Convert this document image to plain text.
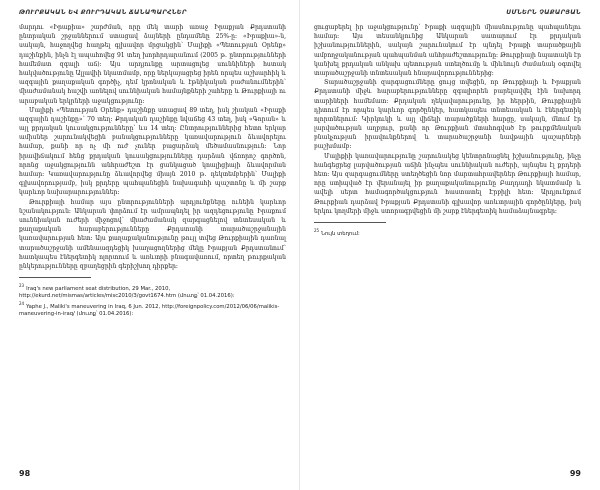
ԹՈՒՐՔԱԿԱՆ ԵՎ ՔՈՒՐԴԱԿԱՆ ՃԱՆԱՊԱՐՀՆԵՐ

մարդու «Իրաքիա» շարժման, որը մեկ տարի առաջ Իրաքյան Քրդստանի ընտրական շրջաններում ստացավ ձայների ընդամենը 25%-ը: «Իրաքիա»-ն, սակայն, հաջողվեց հաղթել գլխավոր մրցակցին՝ Մալիքի «Պետության Օրենք» դաշինքին, ինչն էլ ապահովեց 91 տեղ խորհրդարանում (2005 թ. ընտրությունների համեմատ զգալի աճ): Այս արդյունքը արտացոլեց սուննիների հստակ հակվածությունը Ալլավիի նկատմամբ, որը ներկայացրեց իրեն որպես աշխարհիկ և ազգային քաղաքական գործիչ, դեմ կրոնական և էթնիկական բաժանումներին՝ միաժամանակ հաշվի առնելով սուննիական համայնքների շահերը և Թուրքիայի ու արաբական երկրների աջակցությունը:

Մալիքի «Պետության Օրենք» դաշինքը ստացավ 89 տեղ, իսկ շիական «Իրաքի ազգային դաշինքը»՝ 70 տեղ: Քրդական դաշինքը նվաճեց 43 տեղ, իսկ «Գորան» և այլ քրդական կուսակցությունները՝ ևս 14 տեղ: Ընտրություններից հետո երկար ամիսներ շարունակվեցին բանակցությունները կառավարություն ձևավորելու համար, քանի որ ոչ մի ուժ չուներ բացարձակ մեծամասնություն: Նոր իրավիճակում հենց քրդական կուսակցությունները դարձան վճռորոշ գործոն, որոնց աջակցությունն անհրաժեշտ էր ցանկացած կոալիցիայի ձևավորման համար: Կառավարությունը ձևավորվեց միայն 2010 թ. դեկտեմբերին՝ Մալիքի գլխավորությամբ, իսկ քրդերը պահպանեցին նախագահի պաշտոնը և մի շարք կարևոր նախարարություններ:

Թուրքիայի համար այս ընտրությունների արդյունքները ունեին կարևոր նշանակություն: Անկարան փորձում էր ամրապնդել իր ազդեցությունը Իրաքում սուննիական ուժերի միջոցով՝ միաժամանակ զարգացնելով տնտեսական և քաղաքական հարաբերությունները Քրդստանի տարածաշրջանային կառավարության հետ: Այս քաղաքականությունը թույլ տվեց Թուրքիային դառնալ տարածաշրջանի ամենաազդեցիկ խաղացողներից մեկը Իրաքյան Քրդստանում՝ հատկապես էներգետիկ ոլորտում և առևտրի բնագավառում, որտեղ թուրքական ընկերությունները զբաղեցրին գերիշխող դիրքեր:

$^{23}$Iraq's new parliament seat distribution, 29 Mar., 2010, http://ekurd.net/mismas/articles/misc2010/3/govt1674.htm (մուտք՝ 01.04.2016):
$^{24}$Yaphe J., Maliki's maneuvering in Iraq, 6 Jun. 2012, http://foreignpolicy.com/2012/06/06/malikis-maneuvering-in-iraq/ (մուտք՝ 01.04.2016):
98
ՍՄՆԵՐՆ ՉԱՔԱՐՅԱՆ

ցուցաբերել իր աջակցությունը՝ Իրաքի ազգային միասնությունը պահպանելու համար: Այս տեսանկյունից Անկարան սատարում էր քրդական իշխանություններին, սակայն շարունակում էր պնդել Իրաքի տարածքային ամբողջականության պահպանման անհրաժեշտությունը: Թուրքիայի նպատակն էր կանխել քրդական անկախ պետության ստեղծումը և միևնույն ժամանակ օգտվել տարածաշրջանի տնտեսական հնարավորություններից:

Տարածաշրջանի զարգացումները ցույց տվեցին, որ Թուրքիայի և Իրաքյան Քրդստանի միջև հարաբերությունները զգալիորեն բարելավվել էին նախորդ տարիների համեմատ: Քրդական ղեկավարությունը, իր հերթին, Թուրքիային դիտում էր որպես կարևոր գործընկեր, հատկապես տնտեսական և էներգետիկ ոլորտներում: Կիրկուկի և այլ վիճելի տարածքների հարցը, սակայն, մնում էր լարվածության աղբյուր, քանի որ Թուրքիան մտահոգված էր թուրքմենական բնակչության իրավունքներով և տարածաշրջանի նավթային պաշարների բաշխմամբ:

Մալիքիի կառավարությունը շարունակեց կենտրոնացնել իշխանությունը, ինչը հանգեցրեց լարվածության աճին ինչպես սուննիական ուժերի, այնպես էլ քրդերի հետ: Այս զարգացումները ստեղծեցին նոր մարտահրավերներ Թուրքիայի համար, որը ստիպված էր վերանայել իր քաղաքականությունը Բաղդադի նկատմամբ և ավելի սերտ համագործակցություն հաստատել Էրբիլի հետ: Արդյունքում Թուրքիան դարձավ Իրաքյան Քրդստանի գլխավոր առևտրային գործընկերը, իսկ երկու կողմերի միջև ստորագրվեցին մի շարք էներգետիկ համաձայնագրեր:

$^{25}$Նույն տեղում:
99
